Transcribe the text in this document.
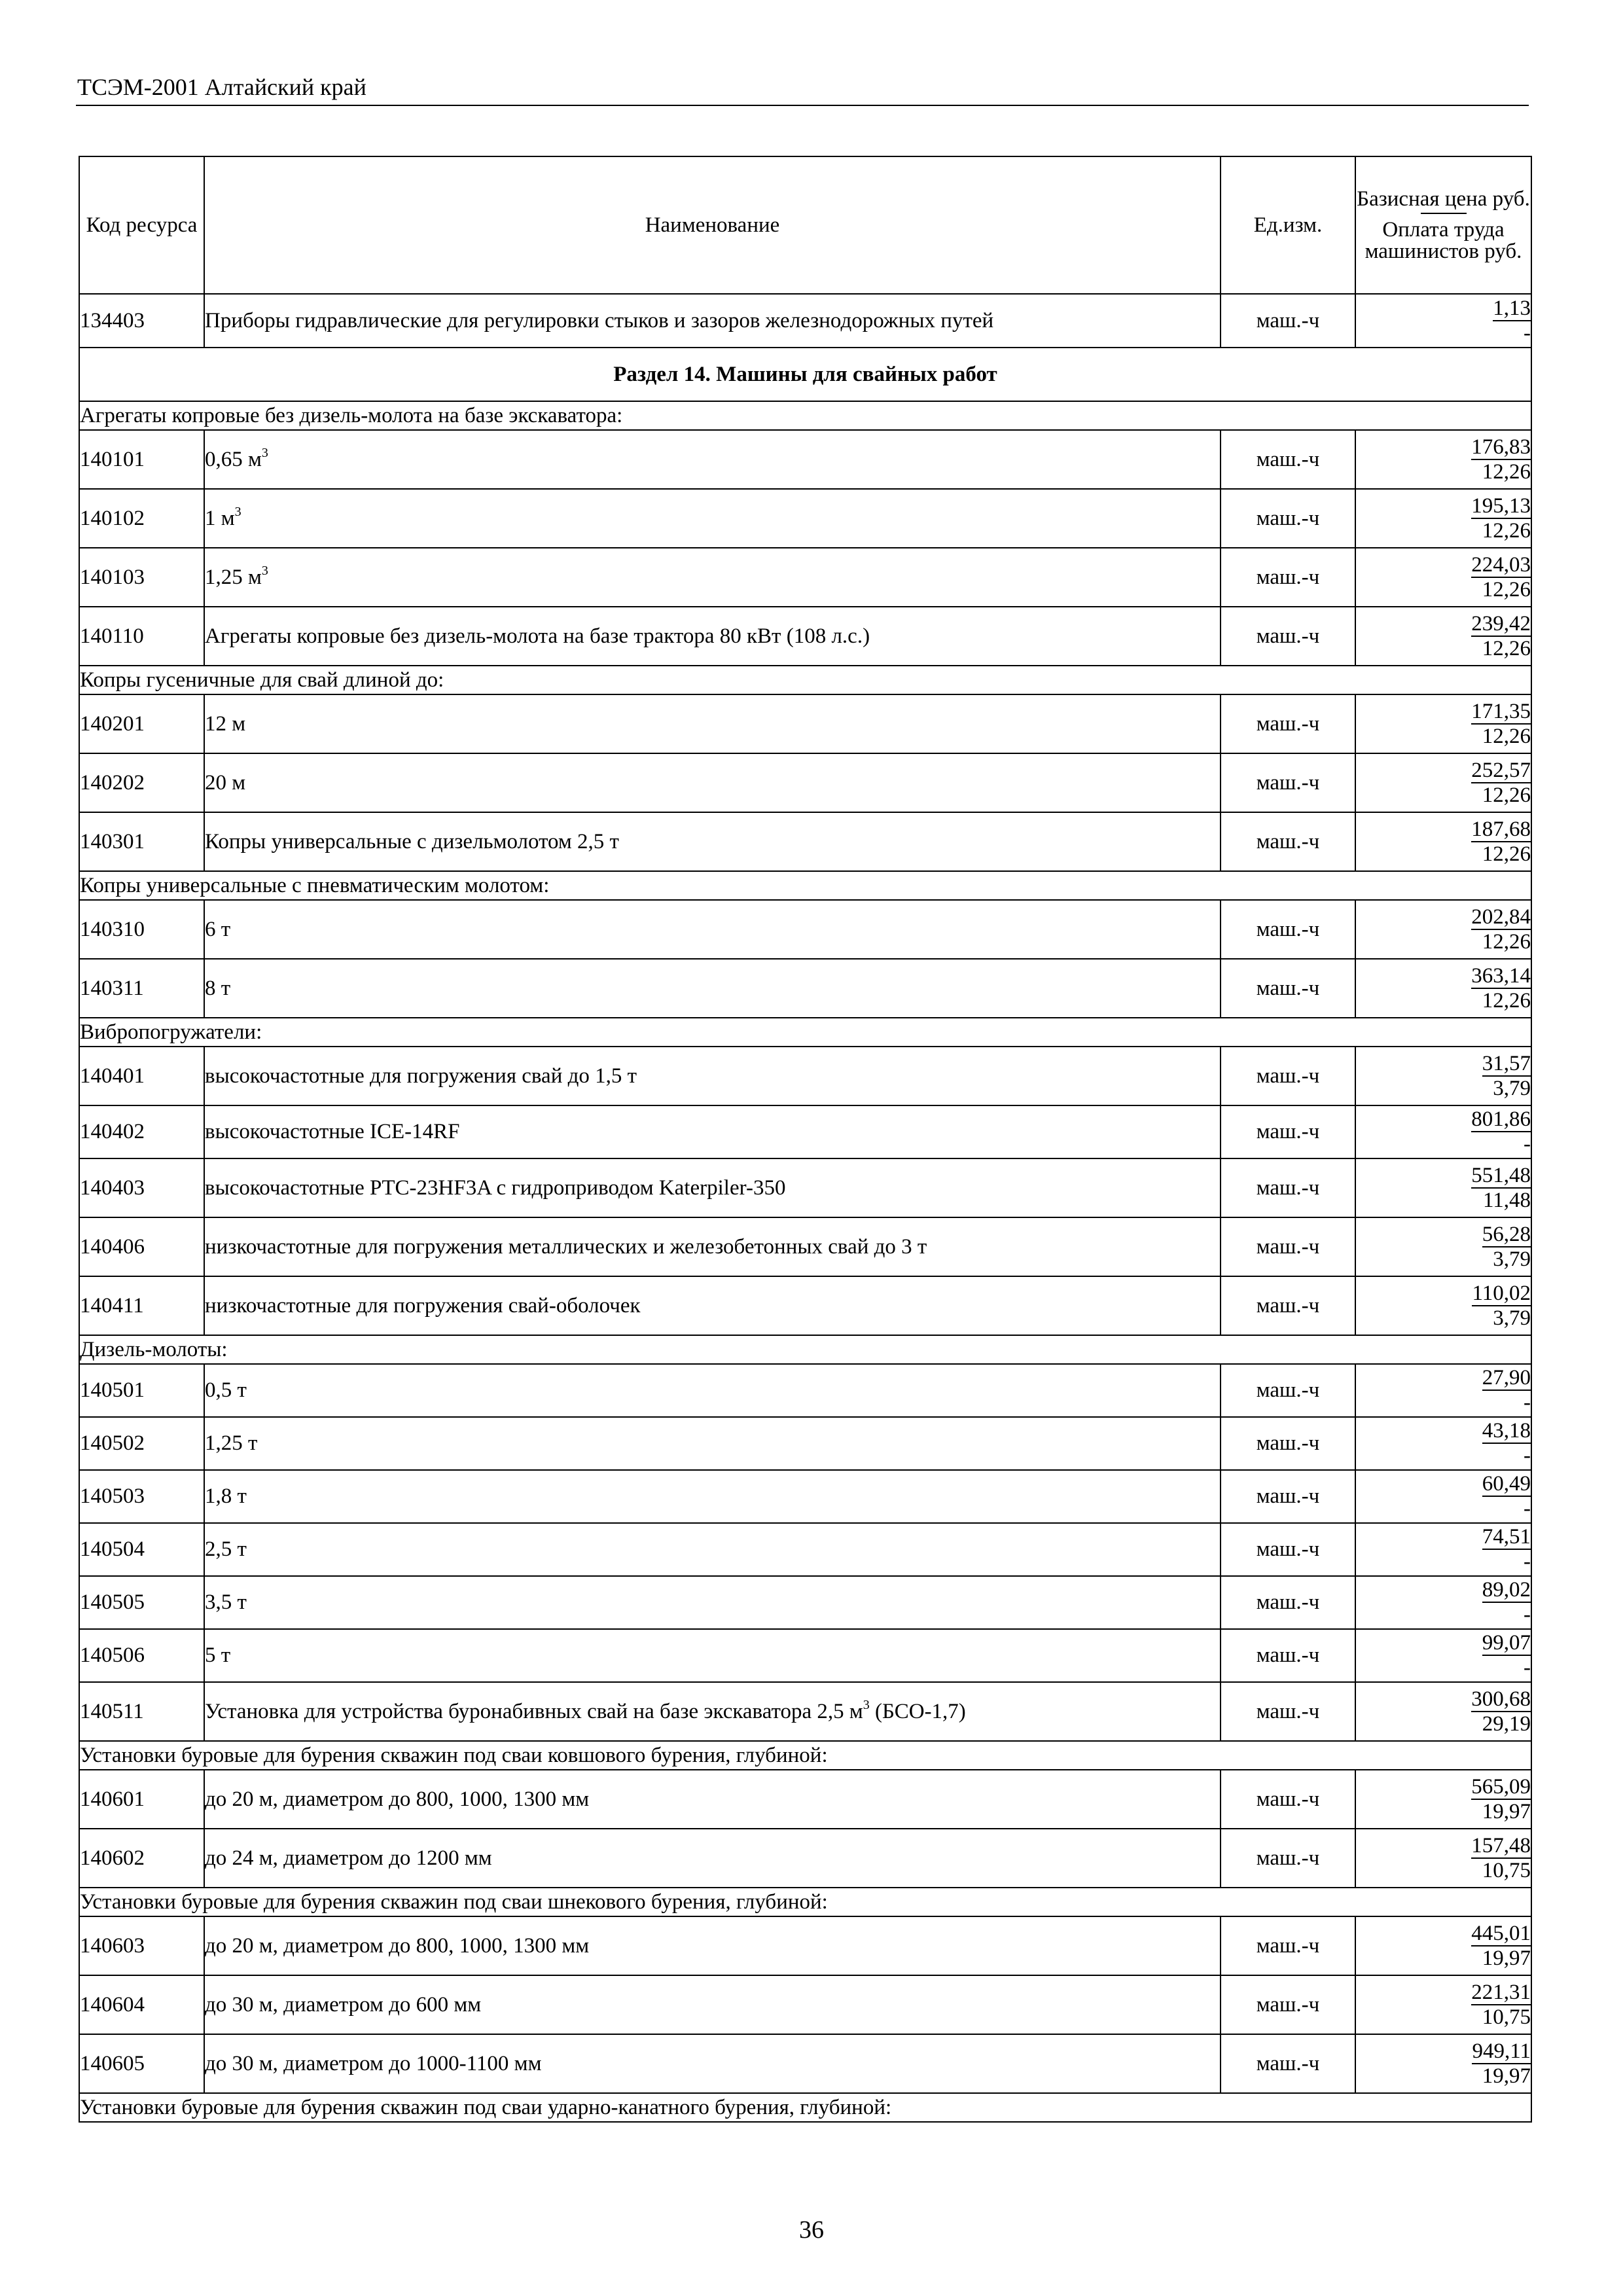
ТСЭМ-2001 Алтайский край
Код ресурса	Наименование	Ед.изм.	Базисная цена руб.
Оплата труда машинистов руб.
134403	Приборы гидравлические для регулировки стыков и зазоров железнодорожных путей	маш.-ч	$\frac{1,13}{-}$

Раздел 14. Машины для свайных работ			
Агрегаты копровые без дизель-молота на базе экскаватора:			
140101	0,65 $м^3$	маш.-ч	$\frac{176,83}{12,26}$

140102	1 $м^3$	маш.-ч	$\frac{195,13}{12,26}$

140103	1,25 $м^3$	маш.-ч	$\frac{224,03}{12,26}$

140110	Агрегаты копровые без дизель-молота на базе трактора 80 кВт (108 л.с.)	маш.-ч	$\frac{239,42}{12,26}$

Копры гусеничные для свай длиной до:			
140201	12 м	маш.-ч	$\frac{171,35}{12,26}$

140202	20 м	маш.-ч	$\frac{252,57}{12,26}$

140301	Копры универсальные с дизельмолотом 2,5 т	маш.-ч	$\frac{187,68}{12,26}$

Копры универсальные с пневматическим молотом:			
140310	6 т	маш.-ч	$\frac{202,84}{12,26}$

140311	8 т	маш.-ч	$\frac{363,14}{12,26}$

Вибропогружатели:			
140401	высокочастотные для погружения свай до 1,5 т	маш.-ч	$\frac{31,57}{3,79}$

140402	высокочастотные ICE-14RF	маш.-ч	$\frac{801,86}{-}$

140403	высокочастотные PTC-23HF3A с гидроприводом Katerpiler-350	маш.-ч	$\frac{551,48}{11,48}$

140406	низкочастотные для погружения металлических и железобетонных свай до 3 т	маш.-ч	$\frac{56,28}{3,79}$

140411	низкочастотные для погружения свай-оболочек	маш.-ч	$\frac{110,02}{3,79}$

Дизель-молоты:			
140501	0,5 т	маш.-ч	$\frac{27,90}{-}$

140502	1,25 т	маш.-ч	$\frac{43,18}{-}$

140503	1,8 т	маш.-ч	$\frac{60,49}{-}$

140504	2,5 т	маш.-ч	$\frac{74,51}{-}$

140505	3,5 т	маш.-ч	$\frac{89,02}{-}$

140506	5 т	маш.-ч	$\frac{99,07}{-}$

140511	Установка для устройства буронабивных свай на базе экскаватора 2,5 $м^3$ (БСО-1,7)	маш.-ч	$\frac{300,68}{29,19}$

Установки буровые для бурения скважин под сваи ковшового бурения, глубиной:			
140601	до 20 м, диаметром до 800, 1000, 1300 мм	маш.-ч	$\frac{565,09}{19,97}$

140602	до 24 м, диаметром до 1200 мм	маш.-ч	$\frac{157,48}{10,75}$

Установки буровые для бурения скважин под сваи шнекового бурения, глубиной:			
140603	до 20 м, диаметром до 800, 1000, 1300 мм	маш.-ч	$\frac{445,01}{19,97}$

140604	до 30 м, диаметром до 600 мм	маш.-ч	$\frac{221,31}{10,75}$

140605	до 30 м, диаметром до 1000-1100 мм	маш.-ч	$\frac{949,11}{19,97}$

Установки буровые для бурения скважин под сваи ударно-канатного бурения, глубиной:			
36
